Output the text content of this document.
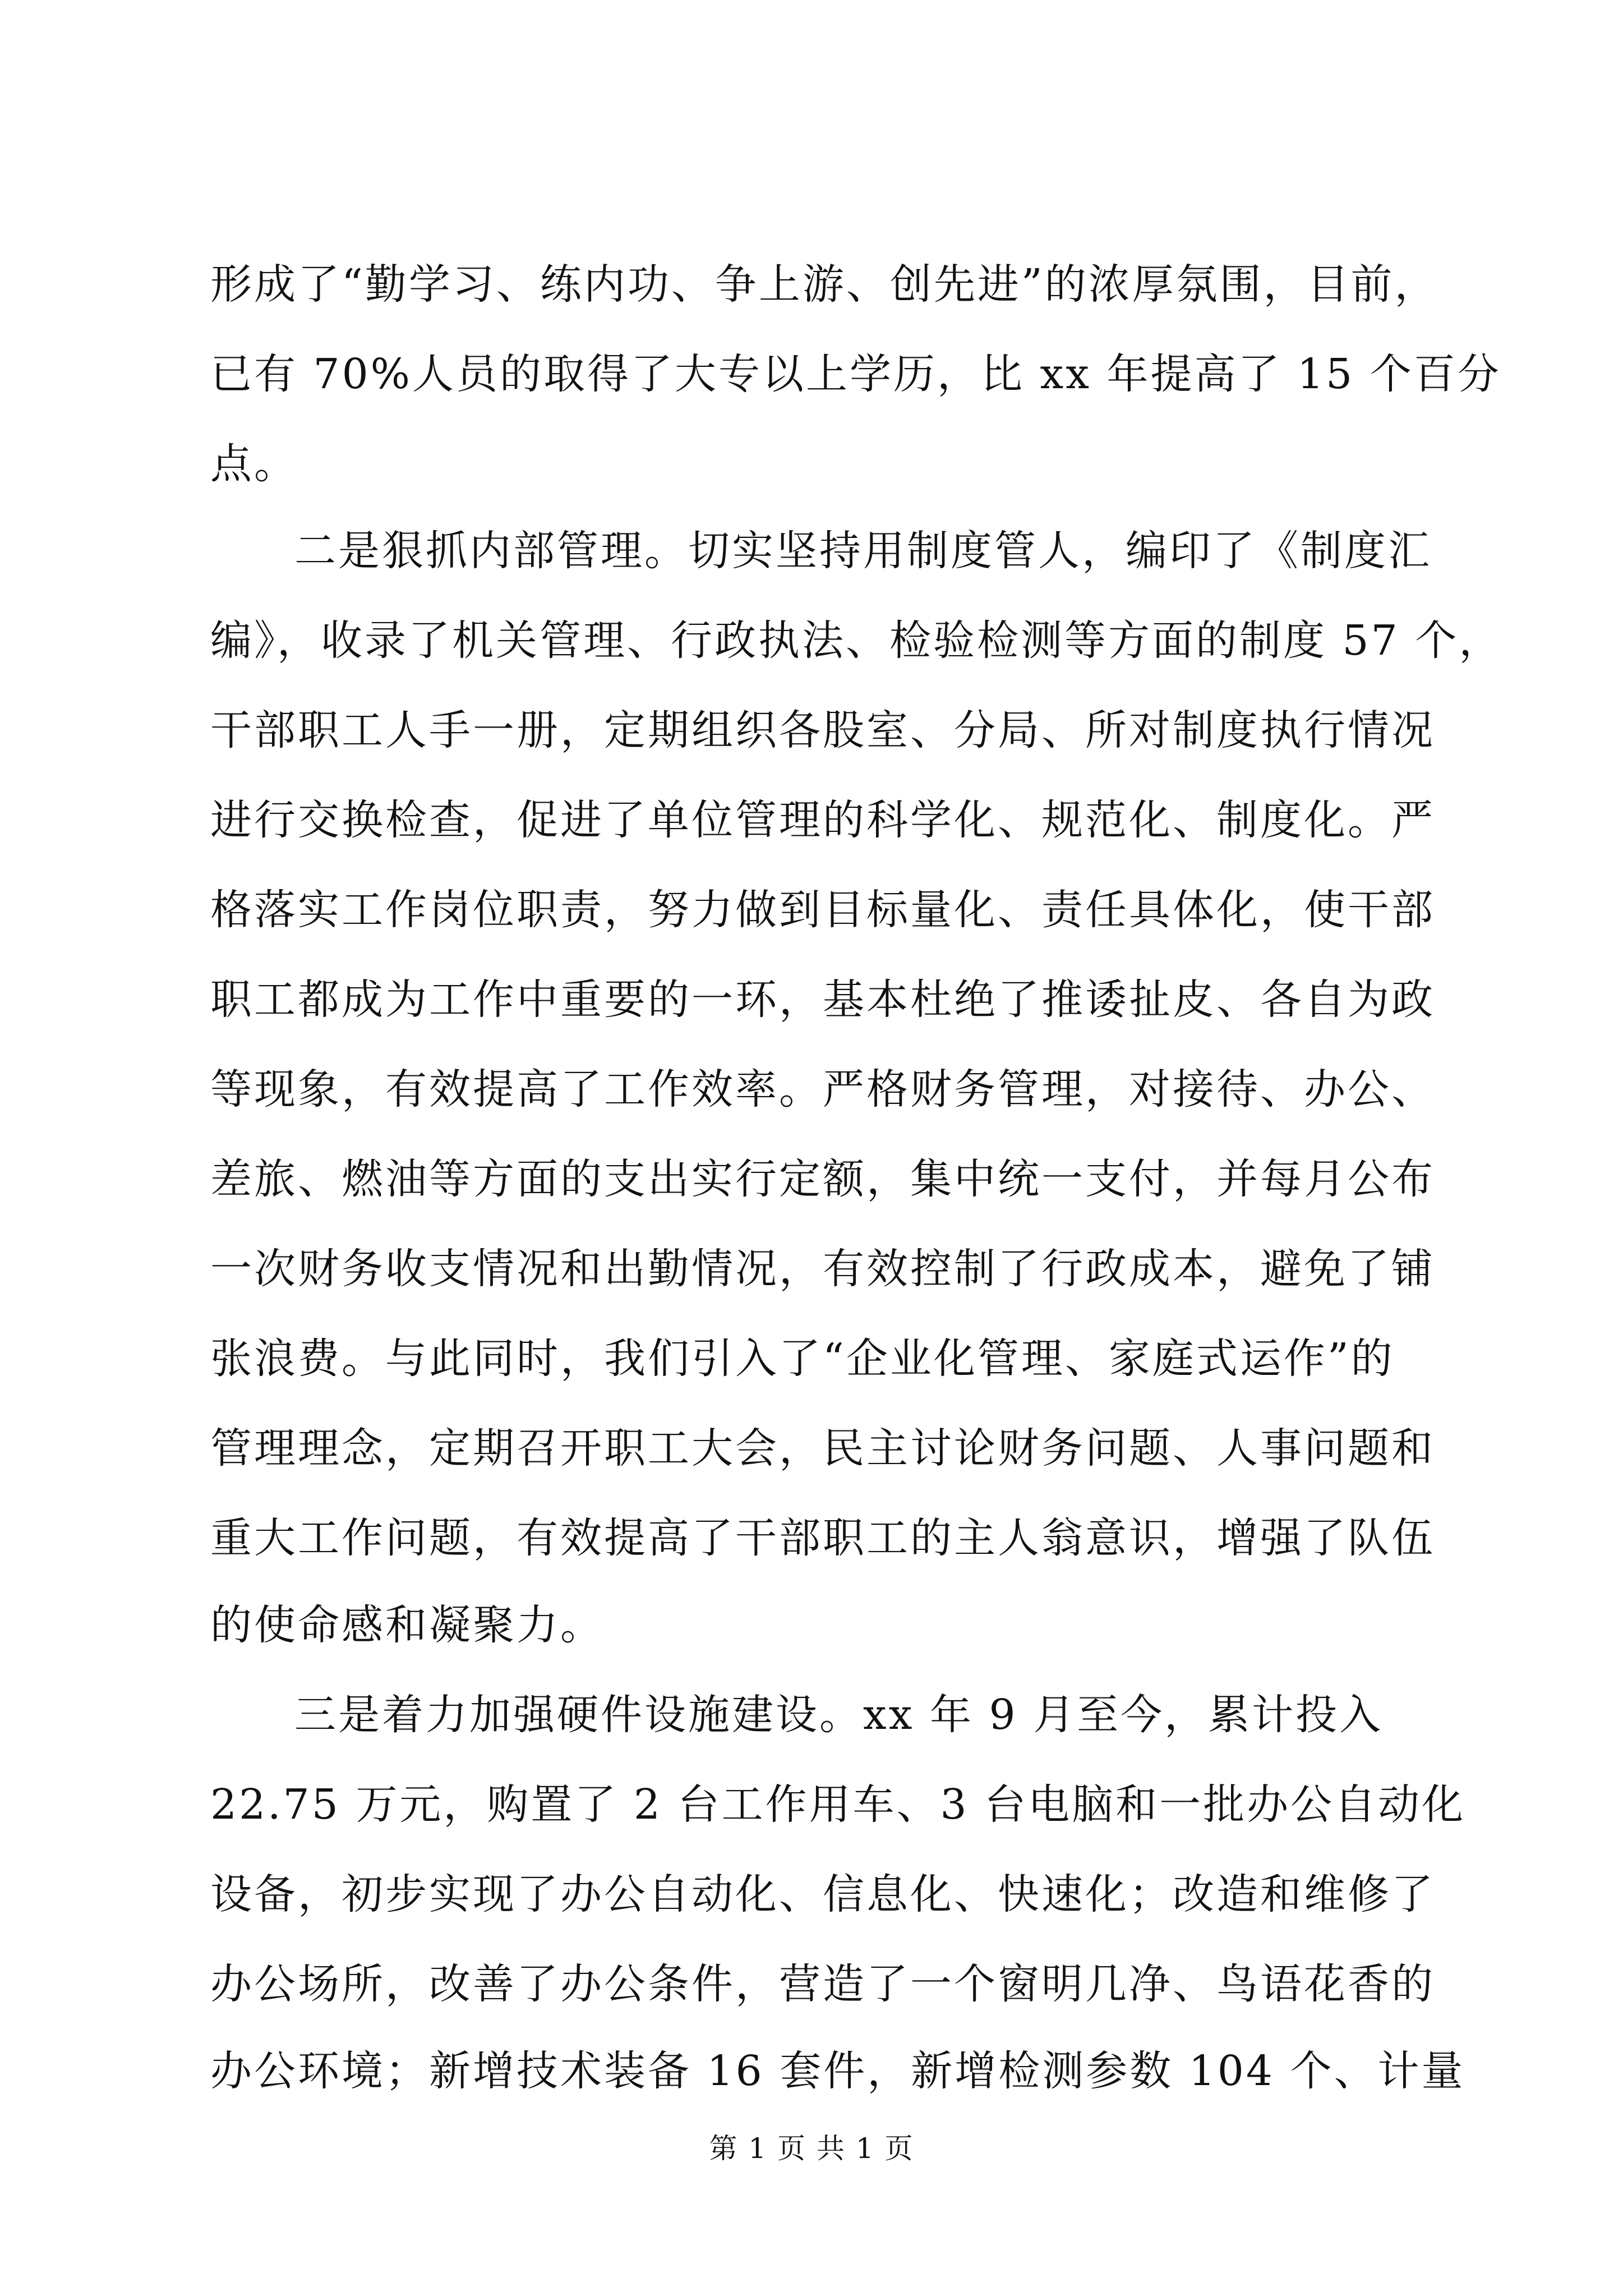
形成了“勤学习、练内功、争上游、创先进”的浓厚氛围，目前，
已有 70%人员的取得了大专以上学历，比 xx 年提高了 15 个百分
点。
二是狠抓内部管理。切实坚持用制度管人，编印了《制度汇
编》，收录了机关管理、行政执法、检验检测等方面的制度 57 个，
干部职工人手一册，定期组织各股室、分局、所对制度执行情况
进行交换检查，促进了单位管理的科学化、规范化、制度化。严
格落实工作岗位职责，努力做到目标量化、责任具体化，使干部
职工都成为工作中重要的一环，基本杜绝了推诿扯皮、各自为政
等现象，有效提高了工作效率。严格财务管理，对接待、办公、
差旅、燃油等方面的支出实行定额，集中统一支付，并每月公布
一次财务收支情况和出勤情况，有效控制了行政成本，避免了铺
张浪费。与此同时，我们引入了“企业化管理、家庭式运作”的
管理理念，定期召开职工大会，民主讨论财务问题、人事问题和
重大工作问题，有效提高了干部职工的主人翁意识，增强了队伍
的使命感和凝聚力。
三是着力加强硬件设施建设。xx 年 9 月至今，累计投入
22.75 万元，购置了 2 台工作用车、3 台电脑和一批办公自动化
设备，初步实现了办公自动化、信息化、快速化；改造和维修了
办公场所，改善了办公条件，营造了一个窗明几净、鸟语花香的
办公环境；新增技术装备 16 套件，新增检测参数 104 个、计量
第 1 页 共 1 页
